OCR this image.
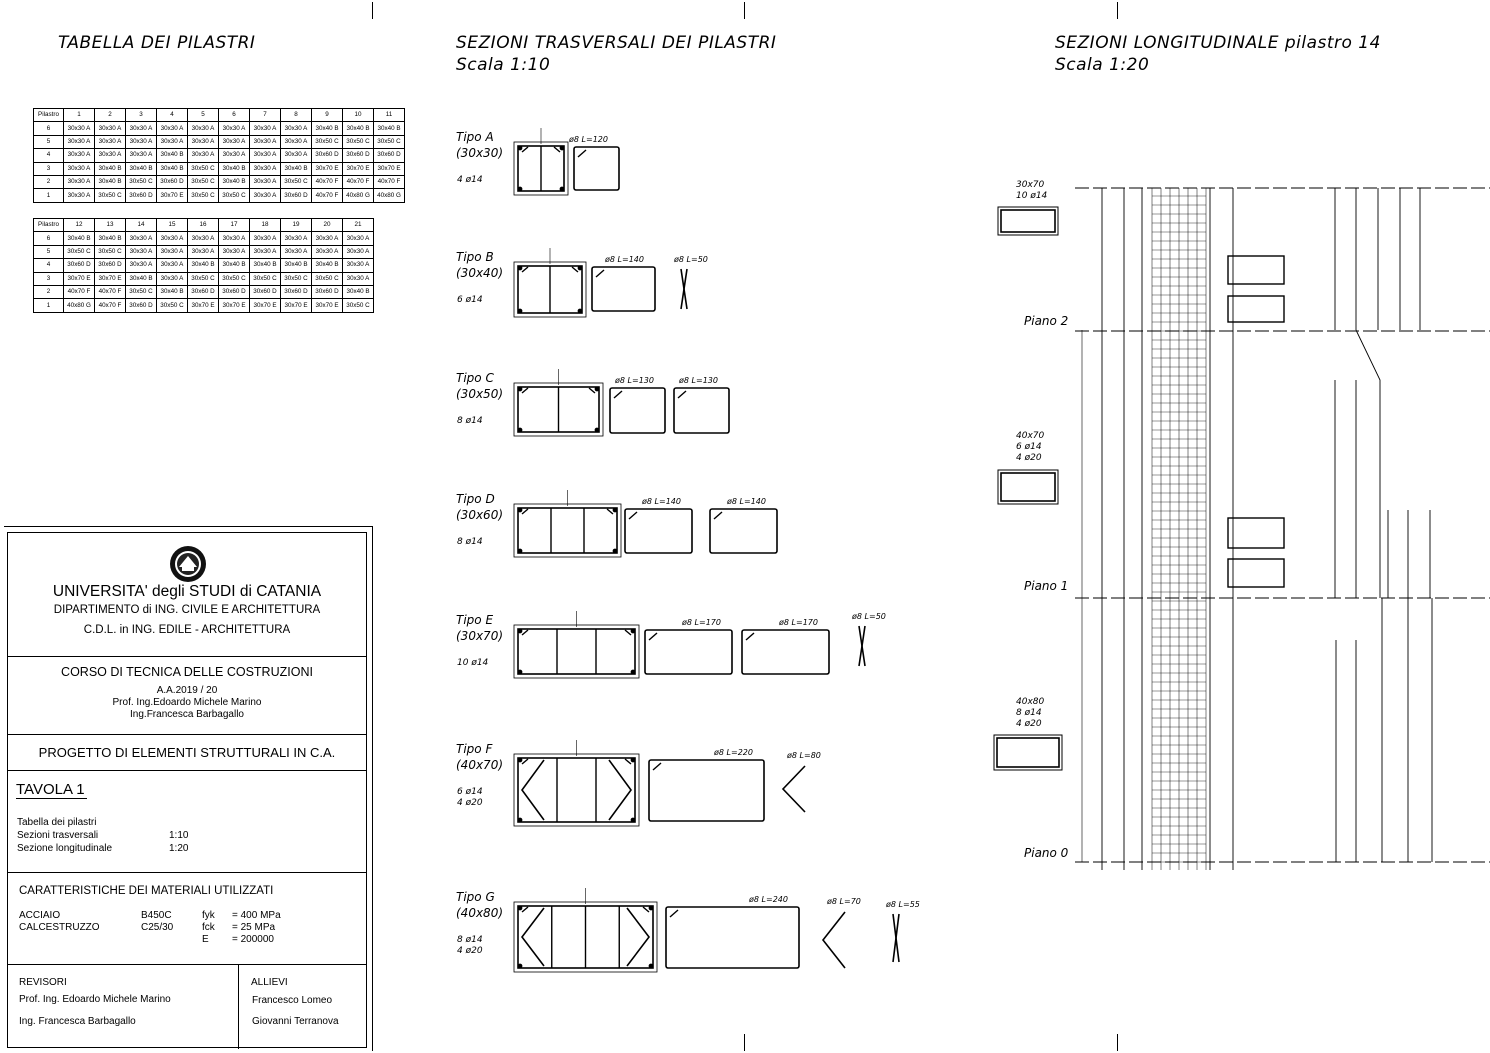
TABELLA DEI PILASTRI	SEZIONI TRASVERSALI DEI PILASTRI
Scala 1:10
SEZIONI LONGITUDINALE pilastro 14
Scala 1:20
Pilastro	1	2	3	4	5	6	7	8	9	10	11
6	30x30 A	30x30 A	30x30 A	30x30 A	30x30 A	30x30 A	30x30 A	30x30 A	30x40 B	30x40 B	30x40 B
5	30x30 A	30x30 A	30x30 A	30x30 A	30x30 A	30x30 A	30x30 A	30x30 A	30x50 C	30x50 C	30x50 C
4	30x30 A	30x30 A	30x30 A	30x40 B	30x30 A	30x30 A	30x30 A	30x30 A	30x60 D	30x60 D	30x60 D
3	30x30 A	30x40 B	30x40 B	30x40 B	30x50 C	30x40 B	30x30 A	30x40 B	30x70 E	30x70 E	30x70 E
2	30x30 A	30x40 B	30x50 C	30x60 D	30x50 C	30x40 B	30x30 A	30x50 C	40x70 F	40x70 F	40x70 F
1	30x30 A	30x50 C	30x60 D	30x70 E	30x50 C	30x50 C	30x30 A	30x60 D	40x70 F	40x80 G	40x80 G
Pilastro	12	13	14	15	16	17	18	19	20	21
6	30x40 B	30x40 B	30x30 A	30x30 A	30x30 A	30x30 A	30x30 A	30x30 A	30x30 A	30x30 A
5	30x50 C	30x50 C	30x30 A	30x30 A	30x30 A	30x30 A	30x30 A	30x30 A	30x30 A	30x30 A
4	30x60 D	30x60 D	30x30 A	30x30 A	30x40 B	30x40 B	30x40 B	30x40 B	30x40 B	30x30 A
3	30x70 E	30x70 E	30x40 B	30x30 A	30x50 C	30x50 C	30x50 C	30x50 C	30x50 C	30x30 A
2	40x70 F	40x70 F	30x50 C	30x40 B	30x60 D	30x60 D	30x60 D	30x60 D	30x60 D	30x40 B
1	40x80 G	40x70 F	30x60 D	30x50 C	30x70 E	30x70 E	30x70 E	30x70 E	30x70 E	30x50 C
ø8 L=120
ø8 L=140	ø8 L=50
ø8 L=130	ø8 L=130
ø8 L=140	ø8 L=140
ø8 L=170	ø8 L=170
ø8 L=50
ø8 L=220	ø8 L=80
ø8 L=240
ø8 L=55
ø8 L=70
Tipo A
(30x30)
4 ø14
Tipo B
(30x40)
6 ø14
Tipo C
(30x50)
8 ø14
Tipo D
(30x60)
8 ø14
Tipo E
(30x70)
10 ø14
Tipo F
(40x70)
6 ø14
4 ø20
Tipo G
(40x80)
8 ø14
4 ø20
30x70
10 ø14
40x70
6 ø14
4 ø20
40x80
8 ø14
4 ø20
Piano 2
Piano 1
Piano 0
UNIVERSITA' degli STUDI di CATANIA
DIPARTIMENTO di ING. CIVILE E ARCHITETTURA
C.D.L. in ING. EDILE - ARCHITETTURA
CORSO DI TECNICA DELLE COSTRUZIONI
A.A.2019 / 20
Prof. Ing.Edoardo Michele Marino
Ing.Francesca Barbagallo
PROGETTO DI ELEMENTI STRUTTURALI IN C.A.
TAVOLA 1
Tabella dei pilastri
Sezioni trasversali	1:10
Sezione longitudinale	1:20
CARATTERISTICHE DEI MATERIALI UTILIZZATI
ACCIAIO	B450C	fyk = 400 MPa
CALCESTRUZZO	C25/30	fck = 25 MPa
E = 200000
REVISORI
Prof. Ing. Edoardo Michele Marino
Ing. Francesca Barbagallo
ALLIEVI
Francesco Lomeo
Giovanni Terranova
